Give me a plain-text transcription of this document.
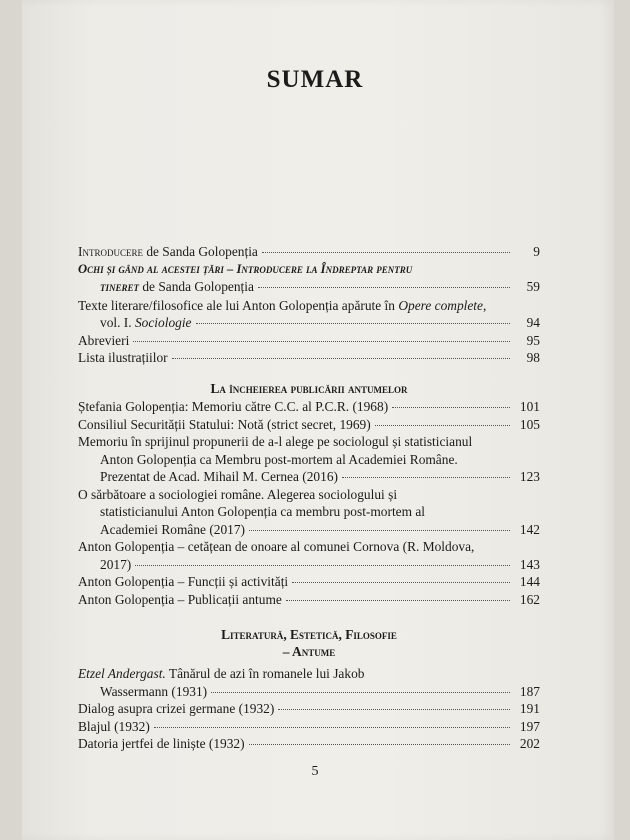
SUMAR
Introducere de Sanda Golopenția	9
Ochi și gând al acestei țări – Introducere la Îndreptar pentru
tineret de Sanda Golopenția	59
Texte literare/filosofice ale lui Anton Golopenția apărute în Opere complete,
vol. I. Sociologie	94
Abrevieri	95
Lista ilustrațiilor	98
La încheierea publicării antumelor
Ștefania Golopenția: Memoriu către C.C. al P.C.R. (1968)	101
Consiliul Securității Statului: Notă (strict secret, 1969)	105
Memoriu în sprijinul propunerii de a-l alege pe sociologul și statisticianul
Anton Golopenția ca Membru post-mortem al Academiei Române.
Prezentat de Acad. Mihail M. Cernea (2016)	123
O sărbătoare a sociologiei române. Alegerea sociologului și
statisticianului Anton Golopenția ca membru post-mortem al
Academiei Române (2017)	142
Anton Golopenția – cetățean de onoare al comunei Cornova (R. Moldova,
2017)	143
Anton Golopenția – Funcții și activități	144
Anton Golopenția – Publicații antume	162
Literatură, Estetică, Filosofie
– Antume
Etzel Andergast. Tânărul de azi în romanele lui Jakob
Wassermann (1931)	187
Dialog asupra crizei germane (1932)	191
Blajul (1932)	197
Datoria jertfei de liniște (1932)	202
5
